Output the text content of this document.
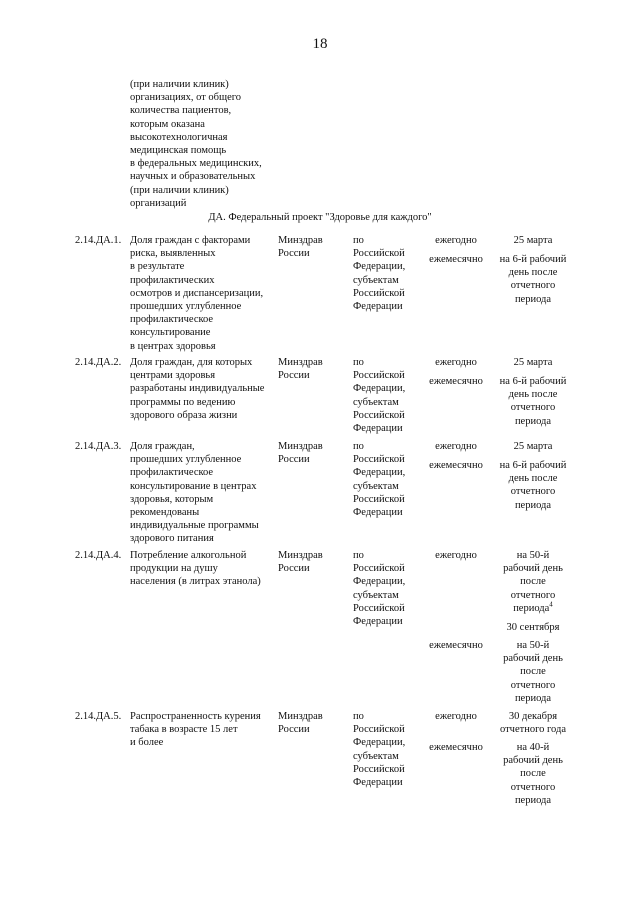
18
(при наличии клиник)
организациях, от общего
количества пациентов,
которым оказана
высокотехнологичная
медицинская помощь
в федеральных медицинских,
научных и образовательных
(при наличии клиник)
организаций
ДА. Федеральный проект "Здоровье для каждого"
2.14.ДА.1. Доля граждан с факторами
риска, выявленных
в результате
профилактических
осмотров и диспансеризации,
прошедших углубленное
профилактическое
консультирование
в центрах здоровья
Минздрав
России
по
Российской
Федерации,
субъектам
Российской
Федерации

ежегодно

ежемесячно

25 марта

на 6-й рабочий
день после
отчетного
периода

2.14.ДА.2. Доля граждан, для которых
центрами здоровья
разработаны индивидуальные
программы по ведению
здорового образа жизни
Минздрав
России
по
Российской
Федерации,
субъектам
Российской
Федерации

ежегодно

ежемесячно

25 марта

на 6-й рабочий
день после
отчетного
периода

2.14.ДА.3. Доля граждан,
прошедших углубленное
профилактическое
консультирование в центрах
здоровья, которым
рекомендованы
индивидуальные программы
здорового питания
Минздрав
России
по
Российской
Федерации,
субъектам
Российской
Федерации

ежегодно

ежемесячно

25 марта

на 6-й рабочий
день после
отчетного
периода

2.14.ДА.4. Потребление алкогольной
продукции на душу
населения (в литрах этанола)
Минздрав
России
по
Российской
Федерации,
субъектам
Российской
Федерации

ежегодно

ежемесячно

на 50-й
рабочий день
после
отчетного
периода$^4$

30 сентября

на 50-й
рабочий день
после
отчетного
периода

2.14.ДА.5. Распространенность курения
табака в возрасте 15 лет
и более
Минздрав
России
по
Российской
Федерации,
субъектам
Российской
Федерации

ежегодно

ежемесячно

30 декабря
отчетного года

на 40-й
рабочий день
после
отчетного
периода
